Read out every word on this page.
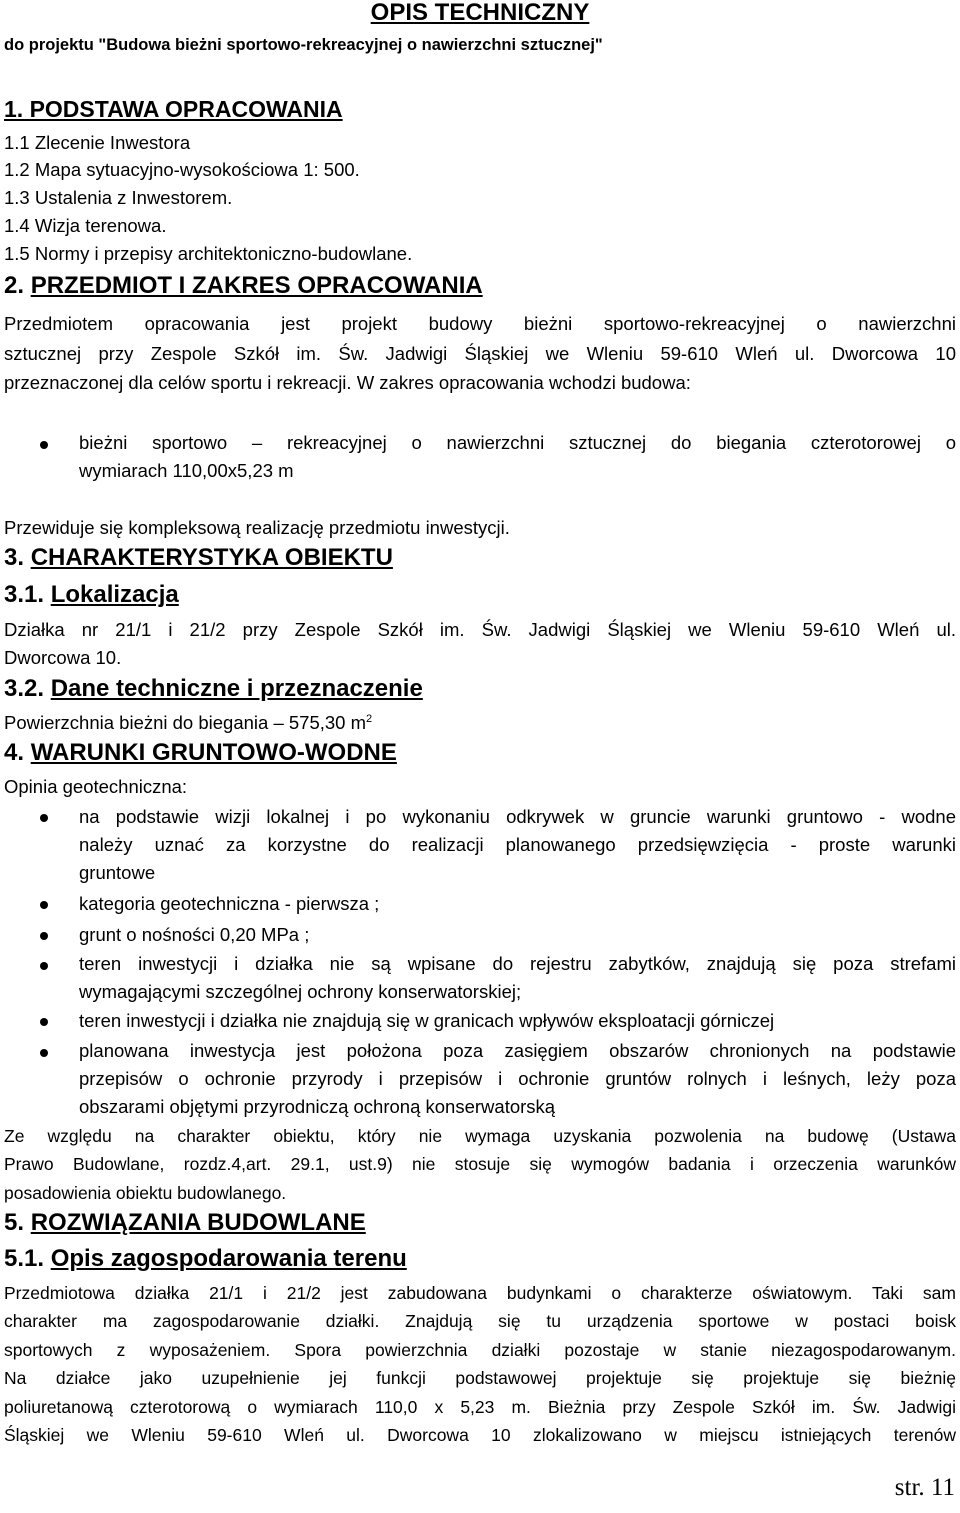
OPIS TECHNICZNY
do projektu "Budowa bieżni sportowo-rekreacyjnej o nawierzchni sztucznej"
1. PODSTAWA OPRACOWANIA
1.1 Zlecenie Inwestora
1.2 Mapa sytuacyjno-wysokościowa 1: 500.
1.3 Ustalenia z Inwestorem.
1.4 Wizja terenowa.
1.5 Normy i przepisy architektoniczno-budowlane.
2. PRZEDMIOT I ZAKRES OPRACOWANIA
Przedmiotem opracowania jest projekt budowy bieżni sportowo-rekreacyjnej o nawierzchni
sztucznej przy Zespole Szkół im. Św. Jadwigi Śląskiej we Wleniu 59-610 Wleń ul. Dworcowa 10
przeznaczonej dla celów sportu i rekreacji. W zakres opracowania wchodzi budowa:
bieżni sportowo – rekreacyjnej o nawierzchni sztucznej do biegania czterotorowej o
wymiarach 110,00x5,23 m
Przewiduje się kompleksową realizację przedmiotu inwestycji.
3. CHARAKTERYSTYKA OBIEKTU
3.1. Lokalizacja
Działka nr 21/1 i 21/2 przy Zespole Szkół im. Św. Jadwigi Śląskiej we Wleniu 59-610 Wleń ul.
Dworcowa 10.
3.2. Dane techniczne i przeznaczenie
Powierzchnia bieżni do biegania – 575,30 $m^2$
4. WARUNKI GRUNTOWO-WODNE
Opinia geotechniczna:
na podstawie wizji lokalnej i po wykonaniu odkrywek w gruncie warunki gruntowo - wodne
należy uznać za korzystne do realizacji planowanego przedsięwzięcia - proste warunki
gruntowe
kategoria geotechniczna - pierwsza ;
grunt o nośności 0,20 MPa ;
teren inwestycji i działka nie są wpisane do rejestru zabytków, znajdują się poza strefami
wymagającymi szczególnej ochrony konserwatorskiej;
teren inwestycji i działka nie znajdują się w granicach wpływów eksploatacji górniczej
planowana inwestycja jest położona poza zasięgiem obszarów chronionych na podstawie
przepisów o ochronie przyrody i przepisów i ochronie gruntów rolnych i leśnych, leży poza
obszarami objętymi przyrodniczą ochroną konserwatorską
Ze względu na charakter obiektu, który nie wymaga uzyskania pozwolenia na budowę (Ustawa
Prawo Budowlane, rozdz.4,art. 29.1, ust.9) nie stosuje się wymogów badania i orzeczenia warunków
posadowienia obiektu budowlanego.
5. ROZWIĄZANIA BUDOWLANE
5.1. Opis zagospodarowania terenu
Przedmiotowa działka 21/1 i 21/2 jest zabudowana budynkami o charakterze oświatowym. Taki sam
charakter ma zagospodarowanie działki. Znajdują się tu urządzenia sportowe w postaci boisk
sportowych z wyposażeniem. Spora powierzchnia działki pozostaje w stanie niezagospodarowanym.
Na działce jako uzupełnienie jej funkcji podstawowej projektuje się projektuje się bieżnię
poliuretanową czterotorową o wymiarach 110,0 x 5,23 m. Bieżnia przy Zespole Szkół im. Św. Jadwigi
Śląskiej we Wleniu 59-610 Wleń ul. Dworcowa 10 zlokalizowano w miejscu istniejących terenów
str. 11
